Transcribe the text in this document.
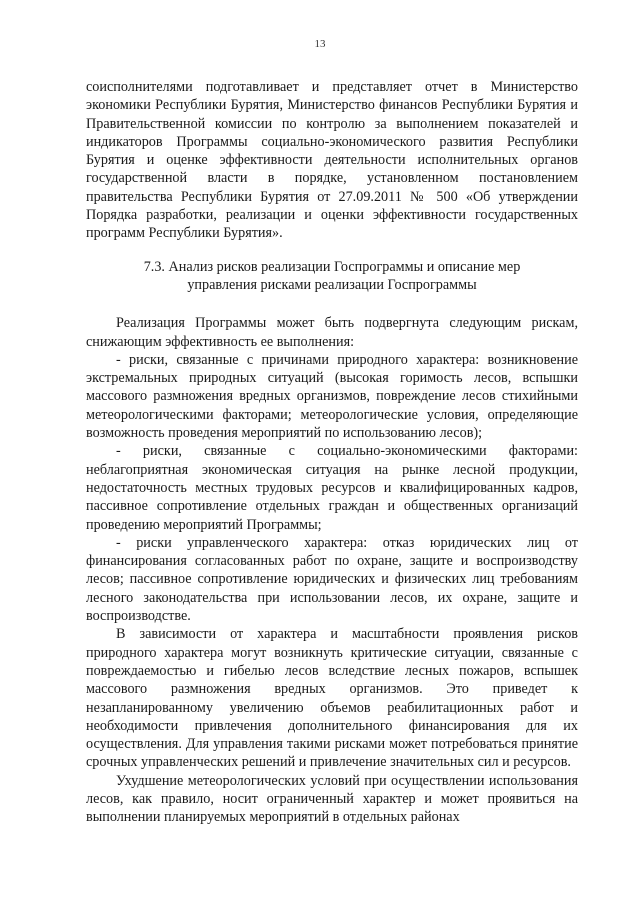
13

соисполнителями подготавливает и представляет отчет в Министерство экономики Республики Бурятия, Министерство финансов Республики Бурятия и Правительственной комиссии по контролю за выполнением показателей и индикаторов Программы социально-экономического развития Республики Бурятия и оценке эффективности деятельности исполнительных органов государственной власти в порядке, установленном постановлением правительства Республики Бурятия от 27.09.2011 № 500 «Об утверждении Порядка разработки, реализации и оценки эффективности государственных программ Республики Бурятия».

7.3. Анализ рисков реализации Госпрограммы и описание мер управления рисками реализации Госпрограммы

Реализация Программы может быть подвергнута следующим рискам, снижающим эффективность ее выполнения:

- риски, связанные с причинами природного характера: возникновение экстремальных природных ситуаций (высокая горимость лесов, вспышки массового размножения вредных организмов, повреждение лесов стихийными метеорологическими факторами; метеорологические условия, определяющие возможность проведения мероприятий по использованию лесов);

- риски, связанные с социально-экономическими факторами: неблагоприятная экономическая ситуация на рынке лесной продукции, недостаточность местных трудовых ресурсов и квалифицированных кадров, пассивное сопротивление отдельных граждан и общественных организаций проведению мероприятий Программы;

- риски управленческого характера: отказ юридических лиц от финансирования согласованных работ по охране, защите и воспроизводству лесов; пассивное сопротивление юридических и физических лиц требованиям лесного законодательства при использовании лесов, их охране, защите и воспроизводстве.

В зависимости от характера и масштабности проявления рисков природного характера могут возникнуть критические ситуации, связанные с повреждаемостью и гибелью лесов вследствие лесных пожаров, вспышек массового размножения вредных организмов. Это приведет к незапланированному увеличению объемов реабилитационных работ и необходимости привлечения дополнительного финансирования для их осуществления. Для управления такими рисками может потребоваться принятие срочных управленческих решений и привлечение значительных сил и ресурсов.

Ухудшение метеорологических условий при осуществлении использования лесов, как правило, носит ограниченный характер и может проявиться на выполнении планируемых мероприятий в отдельных районах
